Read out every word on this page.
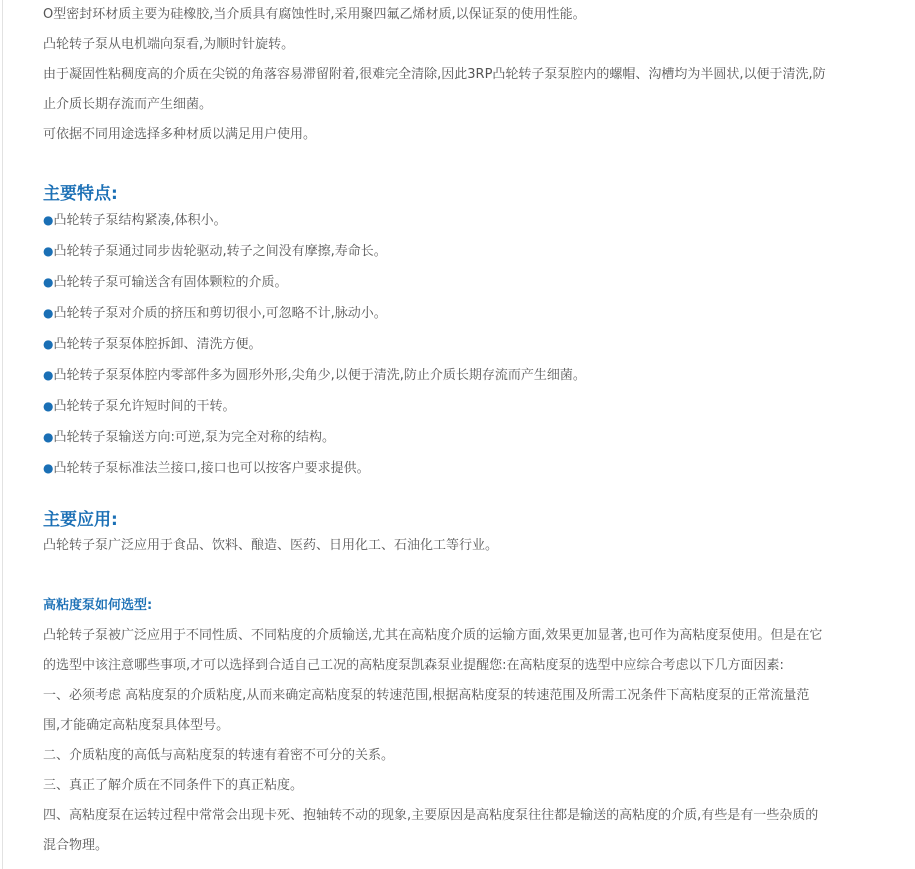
O型密封环材质主要为硅橡胶,当介质具有腐蚀性时,采用聚四氟乙烯材质,以保证泵的使用性能。

凸轮转子泵从电机端向泵看,为顺时针旋转。

由于凝固性粘稠度高的介质在尖锐的角落容易滞留附着,很难完全清除,因此3RP凸轮转子泵泵腔内的螺帽、沟槽均为半圆状,以便于清洗,防

止介质长期存流而产生细菌。

可依据不同用途选择多种材质以满足用户使用。

主要特点:
●凸轮转子泵结构紧凑,体积小。
●凸轮转子泵通过同步齿轮驱动,转子之间没有摩擦,寿命长。
●凸轮转子泵可输送含有固体颗粒的介质。
●凸轮转子泵对介质的挤压和剪切很小,可忽略不计,脉动小。
●凸轮转子泵泵体腔拆卸、清洗方便。
●凸轮转子泵泵体腔内零部件多为圆形外形,尖角少,以便于清洗,防止介质长期存流而产生细菌。
●凸轮转子泵允许短时间的干转。
●凸轮转子泵输送方向:可逆,泵为完全对称的结构。
●凸轮转子泵标准法兰接口,接口也可以按客户要求提供。
主要应用:

凸轮转子泵广泛应用于食品、饮料、酿造、医药、日用化工、石油化工等行业。

高粘度泵如何选型:

凸轮转子泵被广泛应用于不同性质、不同粘度的介质输送,尤其在高粘度介质的运输方面,效果更加显著,也可作为高粘度泵使用。但是在它

的选型中该注意哪些事项,才可以选择到合适自己工况的高粘度泵凯森泵业提醒您:在高粘度泵的选型中应综合考虑以下几方面因素:

一、必须考虑 高粘度泵的介质粘度,从而来确定高粘度泵的转速范围,根据高粘度泵的转速范围及所需工况条件下高粘度泵的正常流量范

围,才能确定高粘度泵具体型号。

二、介质粘度的高低与高粘度泵的转速有着密不可分的关系。

三、真正了解介质在不同条件下的真正粘度。

四、高粘度泵在运转过程中常常会出现卡死、抱轴转不动的现象,主要原因是高粘度泵往往都是输送的高粘度的介质,有些是有一些杂质的

混合物理。
